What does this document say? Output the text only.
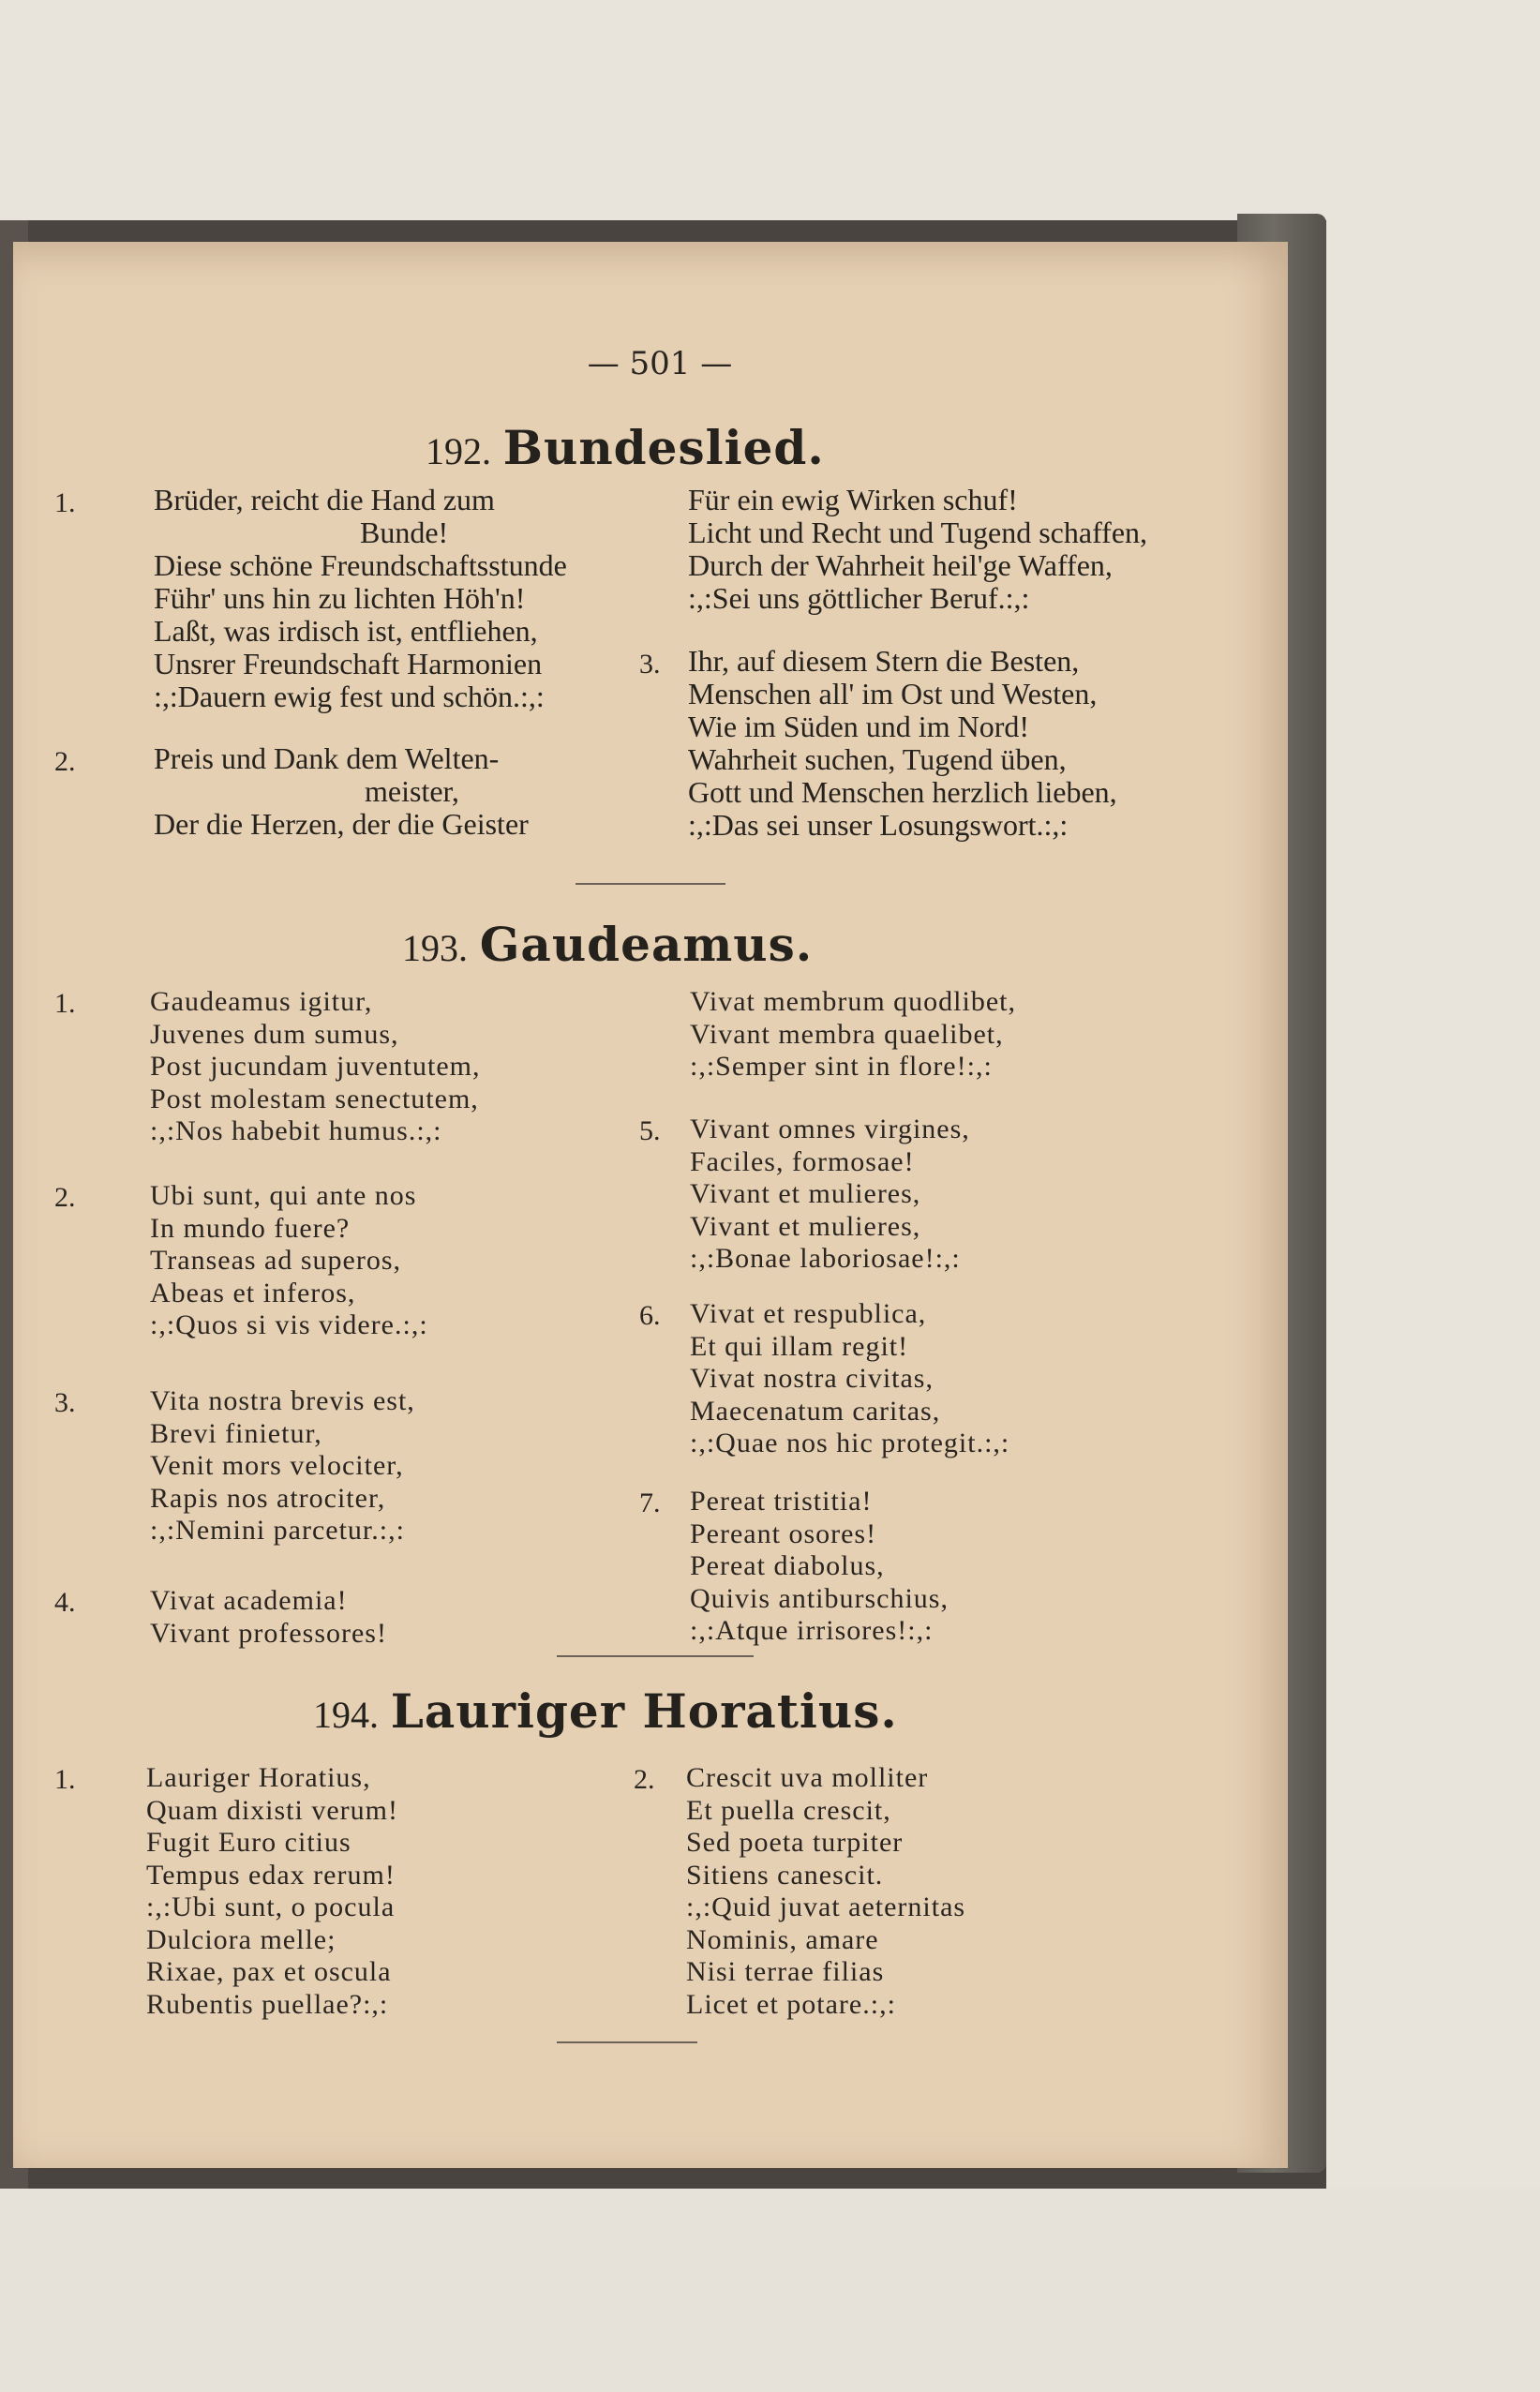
— 501 —
192. Bundeslied.
1.	Brüder, reicht die Hand zum
Bunde!
Diese schöne Freundschaftsstunde
Führ' uns hin zu lichten Höh'n!
Laßt, was irdisch ist, entfliehen,
Unsrer Freundschaft Harmonien
:,:Dauern ewig fest und schön.:,:
2.	Preis und Dank dem Welten-
meister,
Der die Herzen, der die Geister
Für ein ewig Wirken schuf!
Licht und Recht und Tugend schaffen,
Durch der Wahrheit heil'ge Waffen,
:,:Sei uns göttlicher Beruf.:,:
3. Ihr, auf diesem Stern die Besten,
Menschen all' im Ost und Westen,
Wie im Süden und im Nord!
Wahrheit suchen, Tugend üben,
Gott und Menschen herzlich lieben,
:,:Das sei unser Losungswort.:,:
193. Gaudeamus.
1.	Gaudeamus igitur,
Juvenes dum sumus,
Post jucundam juventutem,
Post molestam senectutem,
:,:Nos habebit humus.:,:
2.	Ubi sunt, qui ante nos
In mundo fuere?
Transeas ad superos,
Abeas et inferos,
:,:Quos si vis videre.:,:
3.	Vita nostra brevis est,
Brevi finietur,
Venit mors velociter,
Rapis nos atrociter,
:,:Nemini parcetur.:,:
4.	Vivat academia!
Vivant professores!
Vivat membrum quodlibet,
Vivant membra quaelibet,
:,:Semper sint in flore!:,:
5. Vivant omnes virgines,
Faciles, formosae!
Vivant et mulieres,
Vivant et mulieres,
:,:Bonae laboriosae!:,:
6. Vivat et respublica,
Et qui illam regit!
Vivat nostra civitas,
Maecenatum caritas,
:,:Quae nos hic protegit.:,:
7. Pereat tristitia!
Pereant osores!
Pereat diabolus,
Quivis antiburschius,
:,:Atque irrisores!:,:
194. Lauriger Horatius.
1.	Lauriger Horatius,
Quam dixisti verum!
Fugit Euro citius
Tempus edax rerum!
:,:Ubi sunt, o pocula
Dulciora melle;
Rixae, pax et oscula
Rubentis puellae?:,:
2. Crescit uva molliter
Et puella crescit,
Sed poeta turpiter
Sitiens canescit.
:,:Quid juvat aeternitas
Nominis, amare
Nisi terrae filias
Licet et potare.:,:
